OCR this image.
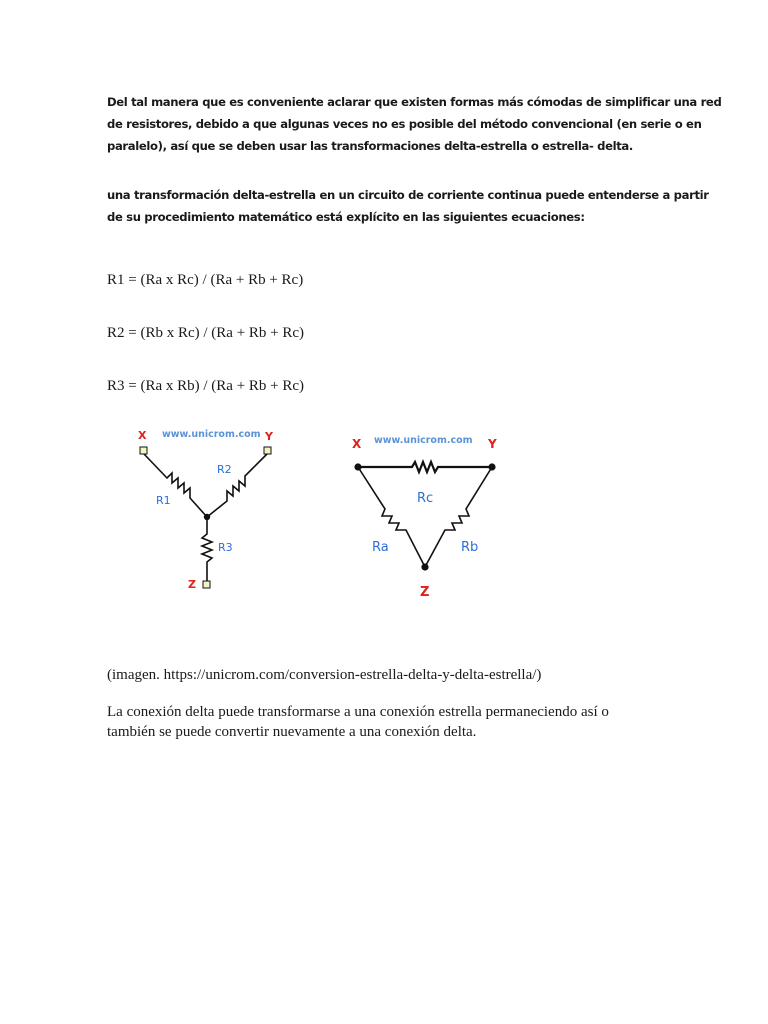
Del tal manera que es conveniente aclarar que existen formas más cómodas de simplificar una red
de resistores, debido a que algunas veces no es posible del método convencional (en serie o en
paralelo), así que se deben usar las transformaciones delta-estrella o estrella- delta.
una transformación delta-estrella en un circuito de corriente continua puede entenderse a partir
de su procedimiento matemático está explícito en las siguientes ecuaciones:

R1 = (Ra x Rc) / (Ra + Rb + Rc)

R2 = (Rb x Rc) / (Ra + Rb + Rc)

R3 = (Ra x Rb) / (Ra + Rb + Rc)

www.unicrom.com
X	Y
R1
R2
R3
Z
www.unicrom.com
X	Y
Rc
Ra	Rb
Z

(imagen. https://unicrom.com/conversion-estrella-delta-y-delta-estrella/)

La conexión delta puede transformarse a una conexión estrella permaneciendo así o
también se puede convertir nuevamente a una conexión delta.
